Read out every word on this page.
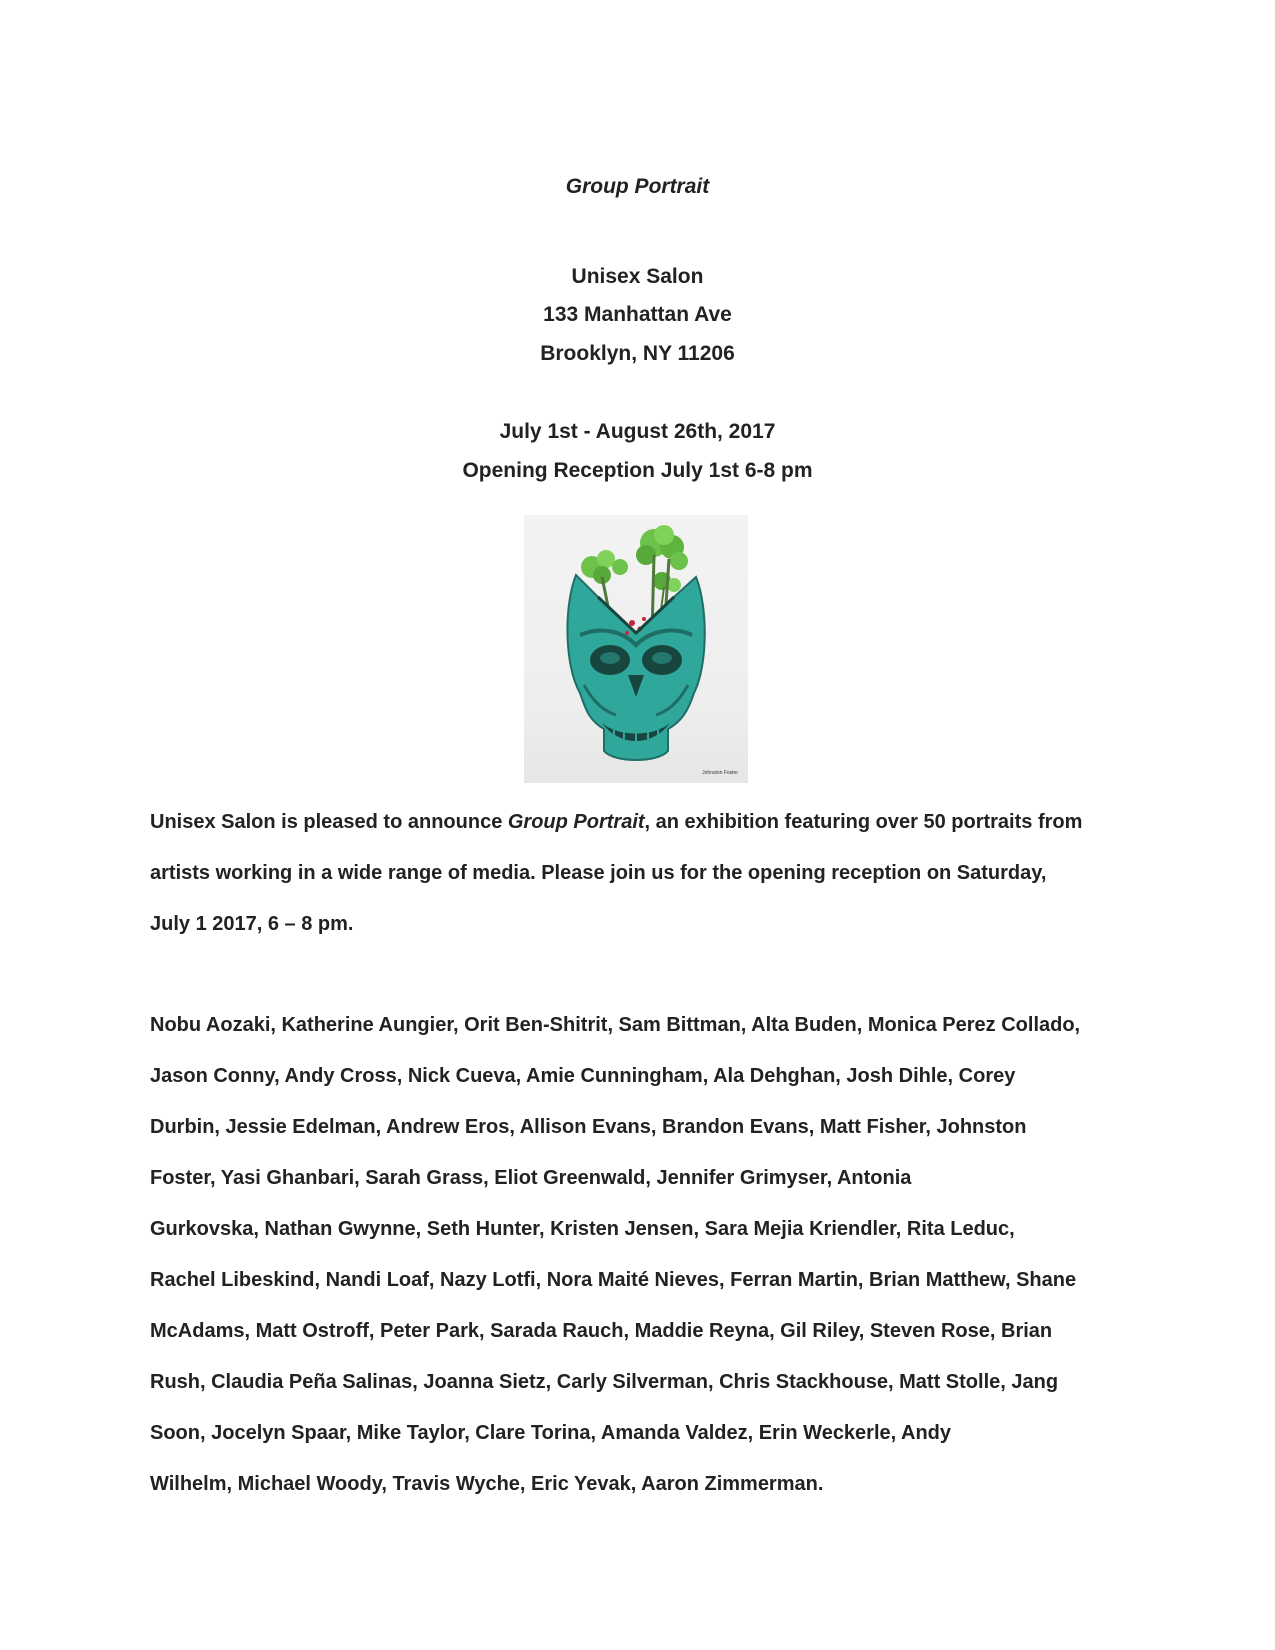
Group Portrait
Unisex Salon
133 Manhattan Ave
Brooklyn, NY 11206
July 1st - August 26th, 2017
Opening Reception July 1st 6-8 pm
Johnston Foster

Unisex Salon is pleased to announce Group Portrait, an exhibition featuring over 50 portraits from
artists working in a wide range of media. Please join us for the opening reception on Saturday,
July 1 2017, 6 – 8 pm.

Nobu Aozaki, Katherine Aungier, Orit Ben-Shitrit, Sam Bittman, Alta Buden, Monica Perez Collado,
Jason Conny, Andy Cross, Nick Cueva, Amie Cunningham, Ala Dehghan, Josh Dihle, Corey
Durbin, Jessie Edelman, Andrew Eros, Allison Evans, Brandon Evans, Matt Fisher, Johnston
Foster, Yasi Ghanbari, Sarah Grass, Eliot Greenwald, Jennifer Grimyser, Antonia
Gurkovska, Nathan Gwynne, Seth Hunter, Kristen Jensen, Sara Mejia Kriendler, Rita Leduc,
Rachel Libeskind, Nandi Loaf, Nazy Lotfi, Nora Maité Nieves, Ferran Martin, Brian Matthew, Shane
McAdams, Matt Ostroff, Peter Park, Sarada Rauch, Maddie Reyna, Gil Riley, Steven Rose, Brian
Rush, Claudia Peña Salinas, Joanna Sietz, Carly Silverman, Chris Stackhouse, Matt Stolle, Jang
Soon, Jocelyn Spaar, Mike Taylor, Clare Torina, Amanda Valdez, Erin Weckerle, Andy
Wilhelm, Michael Woody, Travis Wyche, Eric Yevak, Aaron Zimmerman.
